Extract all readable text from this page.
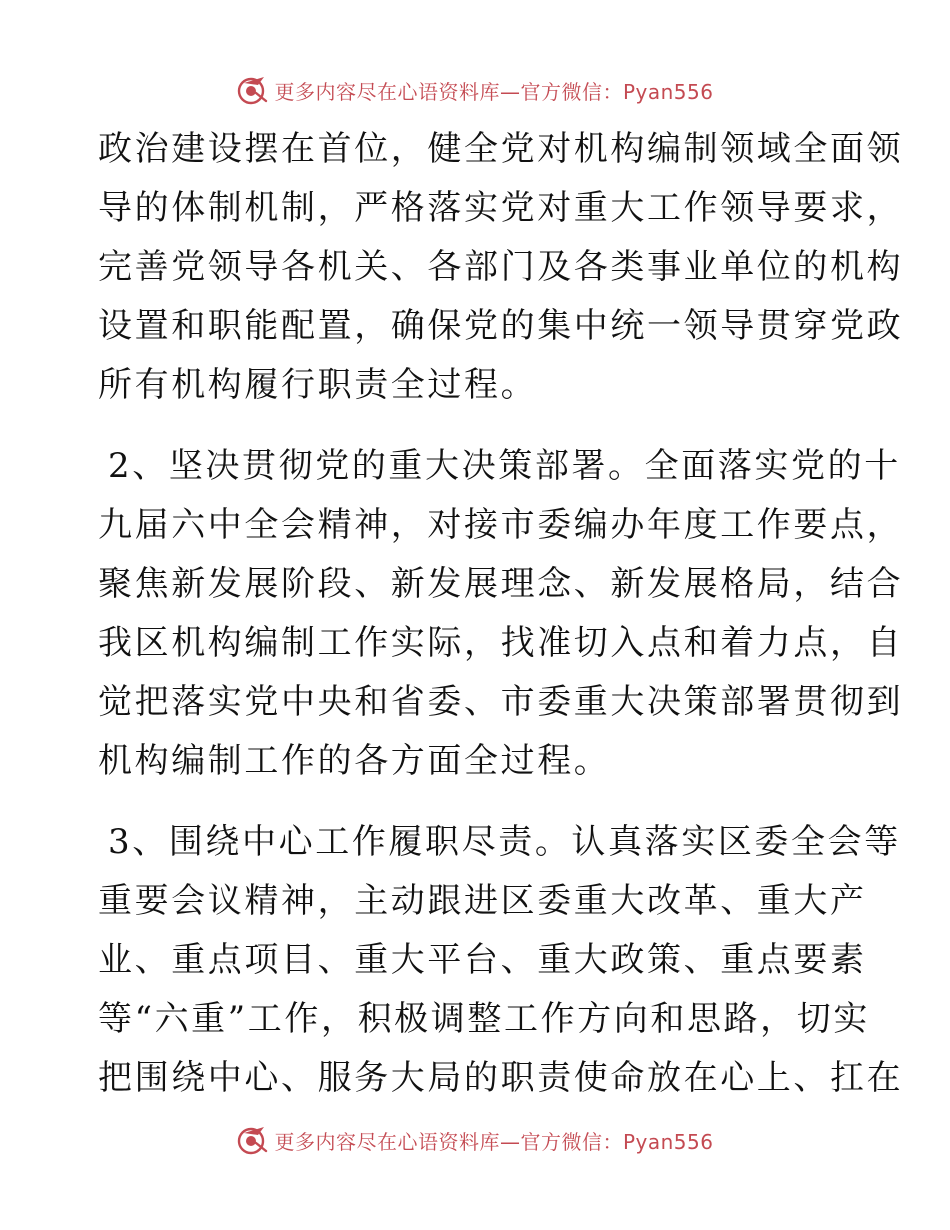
更多内容尽在心语资料库—官方微信：Pyan556
政治建设摆在首位，健全党对机构编制领域全面领
导的体制机制，严格落实党对重大工作领导要求，
完善党领导各机关、各部门及各类事业单位的机构
设置和职能配置，确保党的集中统一领导贯穿党政
所有机构履行职责全过程。
2、坚决贯彻党的重大决策部署。全面落实党的十
九届六中全会精神，对接市委编办年度工作要点，
聚焦新发展阶段、新发展理念、新发展格局，结合
我区机构编制工作实际，找准切入点和着力点，自
觉把落实党中央和省委、市委重大决策部署贯彻到
机构编制工作的各方面全过程。
3、围绕中心工作履职尽责。认真落实区委全会等
重要会议精神，主动跟进区委重大改革、重大产
业、重点项目、重大平台、重大政策、重点要素
等“六重”工作，积极调整工作方向和思路，切实
把围绕中心、服务大局的职责使命放在心上、扛在
更多内容尽在心语资料库—官方微信：Pyan556
